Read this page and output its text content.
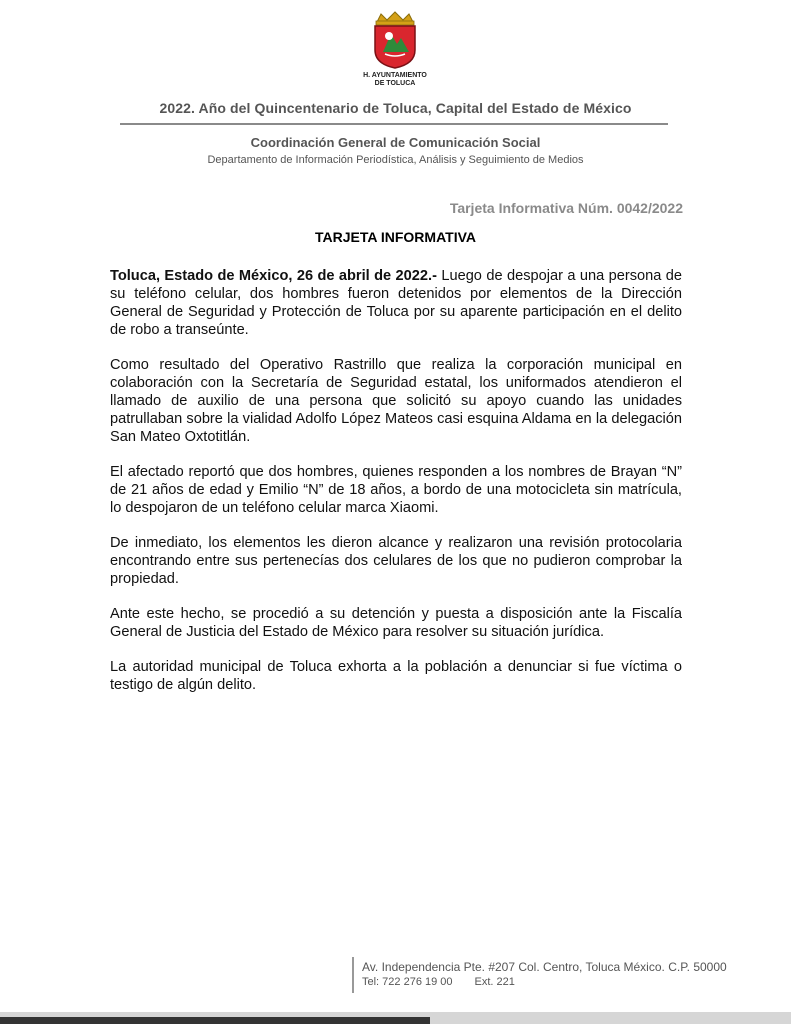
H. AYUNTAMIENTO
DE TOLUCA
2022. Año del Quincentenario de Toluca, Capital del Estado de México
Coordinación General de Comunicación Social
Departamento de Información Periodística, Análisis y Seguimiento de Medios
Tarjeta Informativa Núm. 0042/2022
TARJETA INFORMATIVA

Toluca, Estado de México, 26 de abril de 2022.- Luego de despojar a una persona de su teléfono celular, dos hombres fueron detenidos por elementos de la Dirección General de Seguridad y Protección de Toluca por su aparente participación en el delito de robo a transeúnte.

Como resultado del Operativo Rastrillo que realiza la corporación municipal en colaboración con la Secretaría de Seguridad estatal, los uniformados atendieron el llamado de auxilio de una persona que solicitó su apoyo cuando las unidades patrullaban sobre la vialidad Adolfo López Mateos casi esquina Aldama en la delegación San Mateo Oxtotitlán.

El afectado reportó que dos hombres, quienes responden a los nombres de Brayan “N” de 21 años de edad y Emilio “N” de 18 años, a bordo de una motocicleta sin matrícula, lo despojaron de un teléfono celular marca Xiaomi.

De inmediato, los elementos les dieron alcance y realizaron una revisión protocolaria encontrando entre sus pertenecías dos celulares de los que no pudieron comprobar la propiedad.

Ante este hecho, se procedió a su detención y puesta a disposición ante la Fiscalía General de Justicia del Estado de México para resolver su situación jurídica.

La autoridad municipal de Toluca exhorta a la población a denunciar si fue víctima o testigo de algún delito.

Av. Independencia Pte. #207 Col. Centro, Toluca México. C.P. 50000
Tel: 722 276 19 00 Ext. 221
